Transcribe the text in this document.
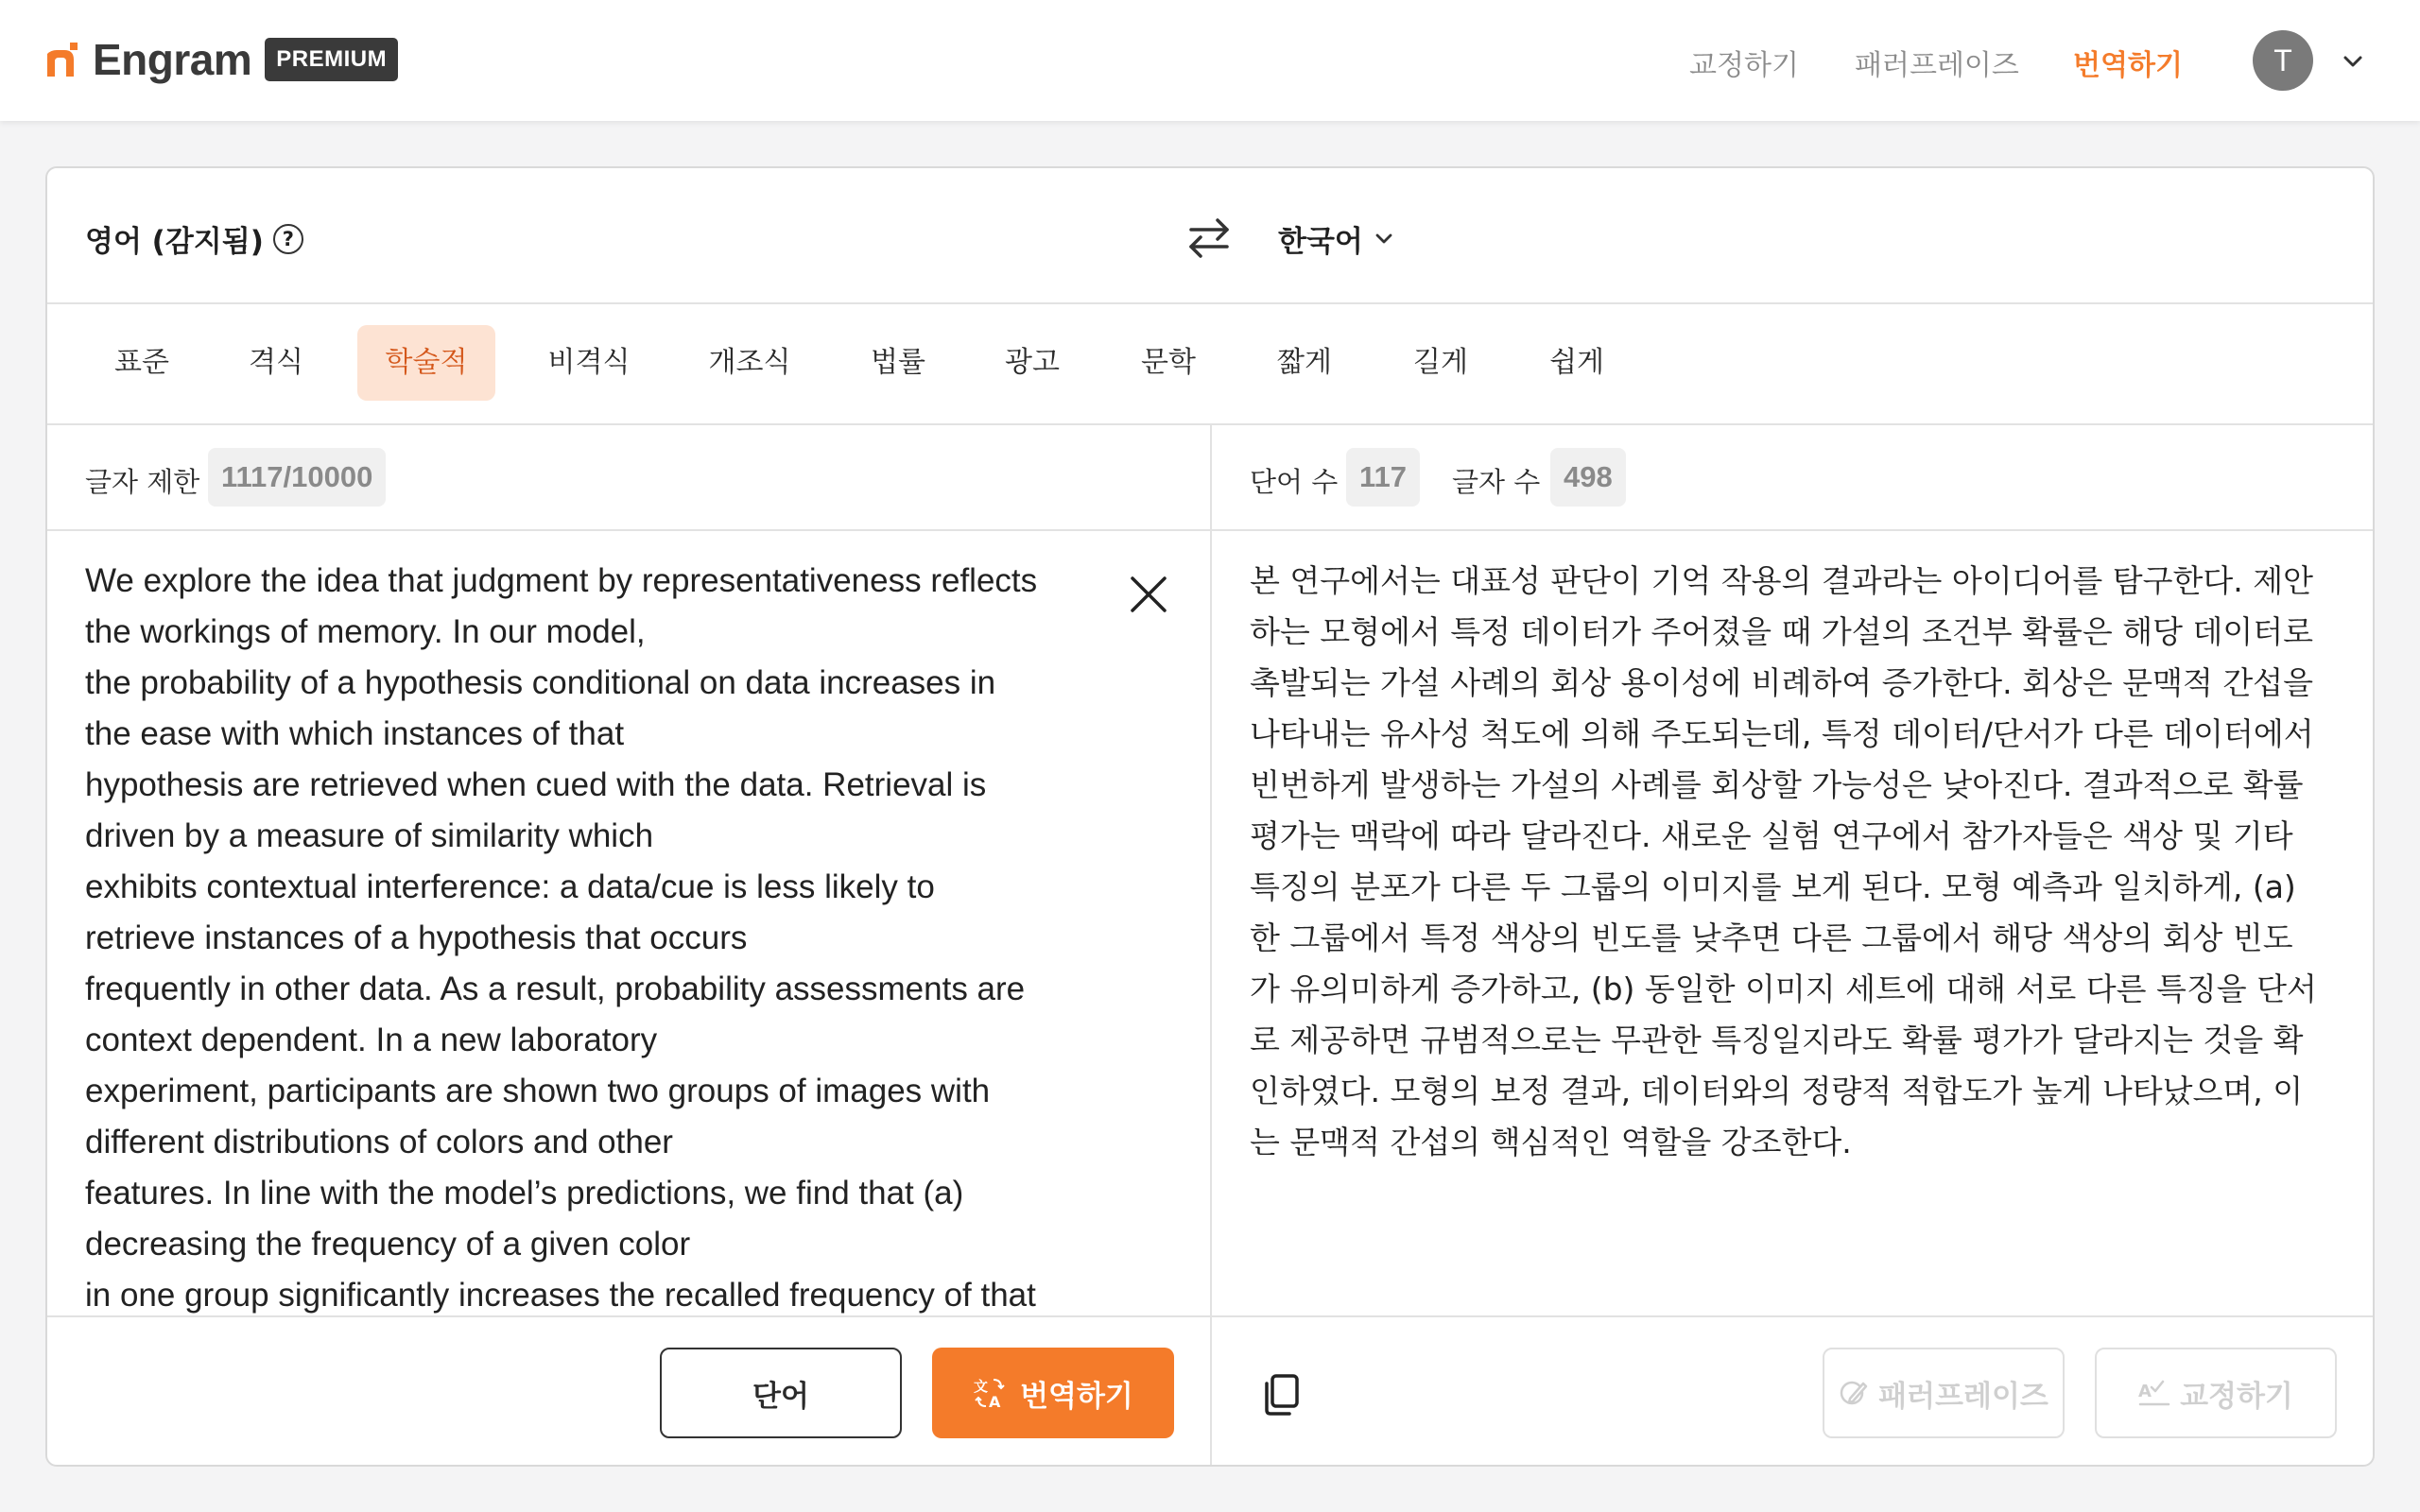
Engram	PREMIUM	교정하기 패러프레이즈 번역하기	T
영어 (감지됨) ?	한국어
표준	격식	학술적	비격식	개조식	법률	광고	문학	짧게	길게	쉽게
글자 제한 1117/10000	단어 수 117	글자 수 498
We explore the idea that judgment by representativeness reflects
the workings of memory. In our model,
the probability of a hypothesis conditional on data increases in
the ease with which instances of that
hypothesis are retrieved when cued with the data. Retrieval is
driven by a measure of similarity which
exhibits contextual interference: a data/cue is less likely to
retrieve instances of a hypothesis that occurs
frequently in other data. As a result, probability assessments are
context dependent. In a new laboratory
experiment, participants are shown two groups of images with
different distributions of colors and other
features. In line with the model’s predictions, we find that (a)
decreasing the frequency of a given color
in one group significantly increases the recalled frequency of that
본 연구에서는 대표성 판단이 기억 작용의 결과라는 아이디어를 탐구한다. 제안하는 모형에서 특정 데이터가 주어졌을 때 가설의 조건부 확률은 해당 데이터로 촉발되는 가설 사례의 회상 용이성에 비례하여 증가한다. 회상은 문맥적 간섭을 나타내는 유사성 척도에 의해 주도되는데, 특정 데이터/단서가 다른 데이터에서 빈번하게 발생하는 가설의 사례를 회상할 가능성은 낮아진다. 결과적으로 확률 평가는 맥락에 따라 달라진다. 새로운 실험 연구에서 참가자들은 색상 및 기타 특징의 분포가 다른 두 그룹의 이미지를 보게 된다. 모형 예측과 일치하게, (a) 한 그룹에서 특정 색상의 빈도를 낮추면 다른 그룹에서 해당 색상의 회상 빈도가 유의미하게 증가하고, (b) 동일한 이미지 세트에 대해 서로 다른 특징을 단서로 제공하면 규범적으로는 무관한 특징일지라도 확률 평가가 달라지는 것을 확인하였다. 모형의 보정 결과, 데이터와의 정량적 적합도가 높게 나타났으며, 이는 문맥적 간섭의 핵심적인 역할을 강조한다.
단어	文
A 번역하기	패러프레이즈	A 교정하기
